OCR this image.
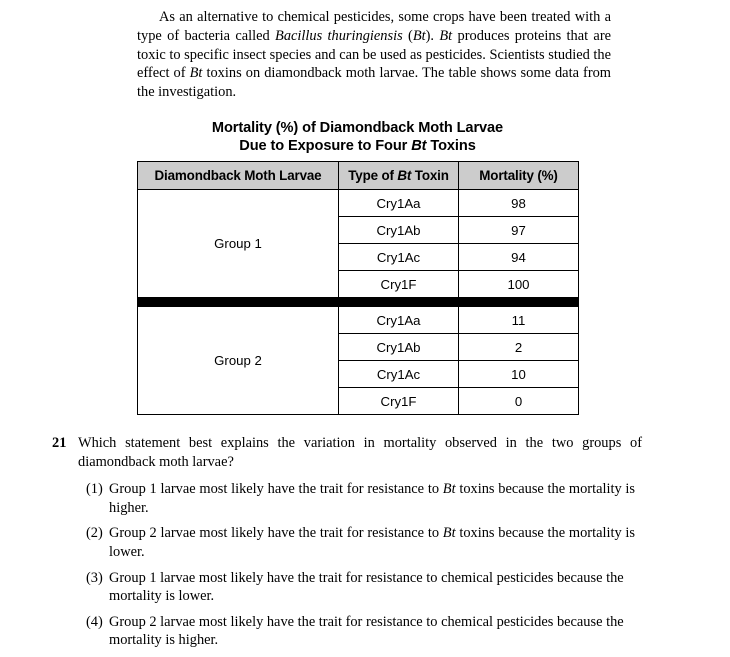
As an alternative to chemical pesticides, some crops have been treated with a type of bacteria called Bacillus thuringiensis (Bt). Bt produces proteins that are toxic to specific insect species and can be used as pesticides. Scientists studied the effect of Bt toxins on diamondback moth larvae. The table shows some data from the investigation.

Mortality (%) of Diamondback Moth Larvae
Due to Exposure to Four Bt Toxins
Diamondback Moth Larvae	Type of Bt Toxin	Mortality (%)
Group 1	Cry1Aa	98
	Cry1Ab	97
	Cry1Ac	94
	Cry1F	100

Group 2	Cry1Aa	11
	Cry1Ab	2
	Cry1Ac	10
	Cry1F	0
21 Which statement best explains the variation in mortality observed in the two groups of diamondback moth larvae?
(1) Group 1 larvae most likely have the trait for resistance to Bt toxins because the mortality is higher.
(2) Group 2 larvae most likely have the trait for resistance to Bt toxins because the mortality is lower.
(3) Group 1 larvae most likely have the trait for resistance to chemical pesticides because the mortality is lower.
(4) Group 2 larvae most likely have the trait for resistance to chemical pesticides because the mortality is higher.
